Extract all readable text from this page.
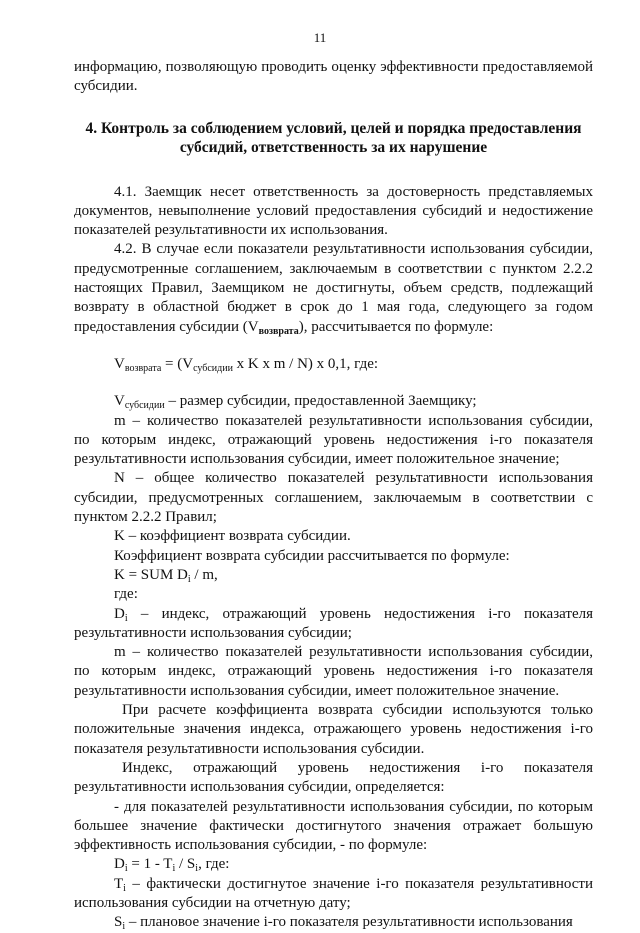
11

информацию, позволяющую проводить оценку эффективности предоставляемой субсидии.

4. Контроль за соблюдением условий, целей и порядка предоставления субсидий, ответственность за их нарушение

4.1. Заемщик несет ответственность за достоверность представляемых документов, невыполнение условий предоставления субсидий и недостижение показателей результативности их использования.

4.2. В случае если показатели результативности использования субсидии, предусмотренные соглашением, заключаемым в соответствии с пунктом 2.2.2 настоящих Правил, Заемщиком не достигнуты, объем средств, подлежащий возврату в областной бюджет в срок до 1 мая года, следующего за годом предоставления субсидии $(V_{возврата})$, рассчитывается по формуле:

$V_{возврата} = (V_{субсидии}$ x K x m / N) x 0,1, где:

$V_{субсидии}$ – размер субсидии, предоставленной Заемщику;

m – количество показателей результативности использования субсидии, по которым индекс, отражающий уровень недостижения i-го показателя результативности использования субсидии, имеет положительное значение;

N – общее количество показателей результативности использования субсидии, предусмотренных соглашением, заключаемым в соответствии с пунктом 2.2.2 Правил;

K – коэффициент возврата субсидии.

Коэффициент возврата субсидии рассчитывается по формуле:

K = SUM $D_i$ / m,

где:

$D_i$ – индекс, отражающий уровень недостижения i-го показателя результативности использования субсидии;

m – количество показателей результативности использования субсидии, по которым индекс, отражающий уровень недостижения i-го показателя результативности использования субсидии, имеет положительное значение.

При расчете коэффициента возврата субсидии используются только положительные значения индекса, отражающего уровень недостижения i-го показателя результативности использования субсидии.

Индекс, отражающий уровень недостижения i-го показателя результативности использования субсидии, определяется:

- для показателей результативности использования субсидии, по которым большее значение фактически достигнутого значения отражает большую эффективность использования субсидии, - по формуле:

$D_i = 1 - T_i / S_i$, где:

$T_i$ – фактически достигнутое значение i-го показателя результативности использования субсидии на отчетную дату;

$S_i$ – плановое значение i-го показателя результативности использования
